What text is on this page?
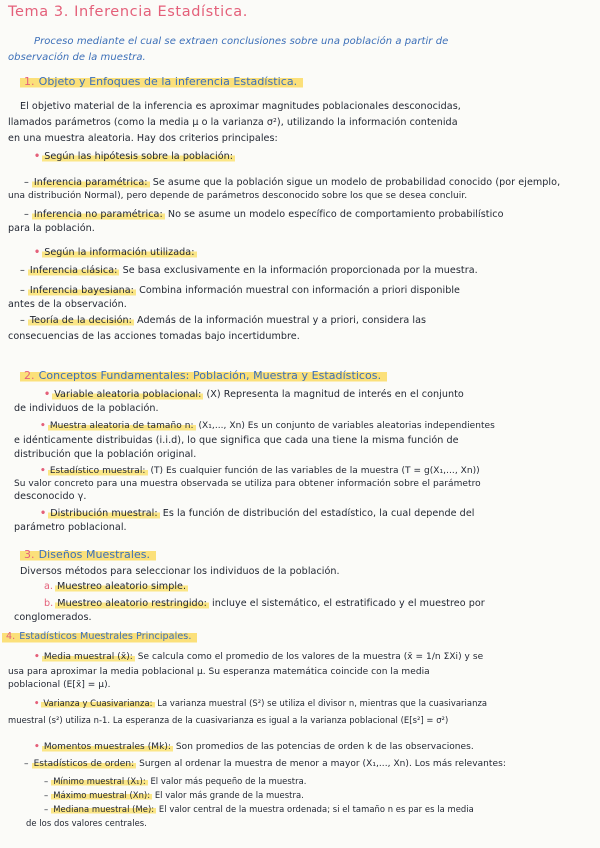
Tema 3. Inferencia Estadística.
Proceso mediante el cual se extraen conclusiones sobre una población a partir de
observación de la muestra.
1. Objeto y Enfoques de la inferencia Estadística.
El objetivo material de la inferencia es aproximar magnitudes poblacionales desconocidas,
llamados parámetros (como la media μ o la varianza σ²), utilizando la información contenida
en una muestra aleatoria. Hay dos criterios principales:
• Según las hipótesis sobre la población:
– Inferencia paramétrica: Se asume que la población sigue un modelo de probabilidad conocido (por ejemplo,
una distribución Normal), pero depende de parámetros desconocido sobre los que se desea concluir.
– Inferencia no paramétrica: No se asume un modelo específico de comportamiento probabilístico
para la población.
• Según la información utilizada:
– Inferencia clásica: Se basa exclusivamente en la información proporcionada por la muestra.
– Inferencia bayesiana: Combina información muestral con información a priori disponible
antes de la observación.
– Teoría de la decisión: Además de la información muestral y a priori, considera las
consecuencias de las acciones tomadas bajo incertidumbre.
2. Conceptos Fundamentales: Población, Muestra y Estadísticos.
• Variable aleatoria poblacional: (X) Representa la magnitud de interés en el conjunto
de individuos de la población.
• Muestra aleatoria de tamaño n: (X₁,..., Xn) Es un conjunto de variables aleatorias independientes
e idénticamente distribuidas (i.i.d), lo que significa que cada una tiene la misma función de
distribución que la población original.
• Estadístico muestral: (T) Es cualquier función de las variables de la muestra (T = g(X₁,..., Xn))
Su valor concreto para una muestra observada se utiliza para obtener información sobre el parámetro
desconocido γ.
• Distribución muestral: Es la función de distribución del estadístico, la cual depende del
parámetro poblacional.
3. Diseños Muestrales.
Diversos métodos para seleccionar los individuos de la población.
a. Muestreo aleatorio simple.
b. Muestreo aleatorio restringido: incluye el sistemático, el estratificado y el muestreo por
conglomerados.
4. Estadísticos Muestrales Principales.
• Media muestral (x̄): Se calcula como el promedio de los valores de la muestra (x̄ = 1/n ΣXi) y se
usa para aproximar la media poblacional μ. Su esperanza matemática coincide con la media
poblacional (E[x̄] = μ).
• Varianza y Cuasivarianza: La varianza muestral (S²) se utiliza el divisor n, mientras que la cuasivarianza
muestral (s²) utiliza n-1. La esperanza de la cuasivarianza es igual a la varianza poblacional (E[s²] = σ²)
• Momentos muestrales (Mk): Son promedios de las potencias de orden k de las observaciones.
– Estadísticos de orden: Surgen al ordenar la muestra de menor a mayor (X₁,..., Xn). Los más relevantes:
– Mínimo muestral (X₁): El valor más pequeño de la muestra.
– Máximo muestral (Xn): El valor más grande de la muestra.
– Mediana muestral (Me): El valor central de la muestra ordenada; si el tamaño n es par es la media
de los dos valores centrales.
